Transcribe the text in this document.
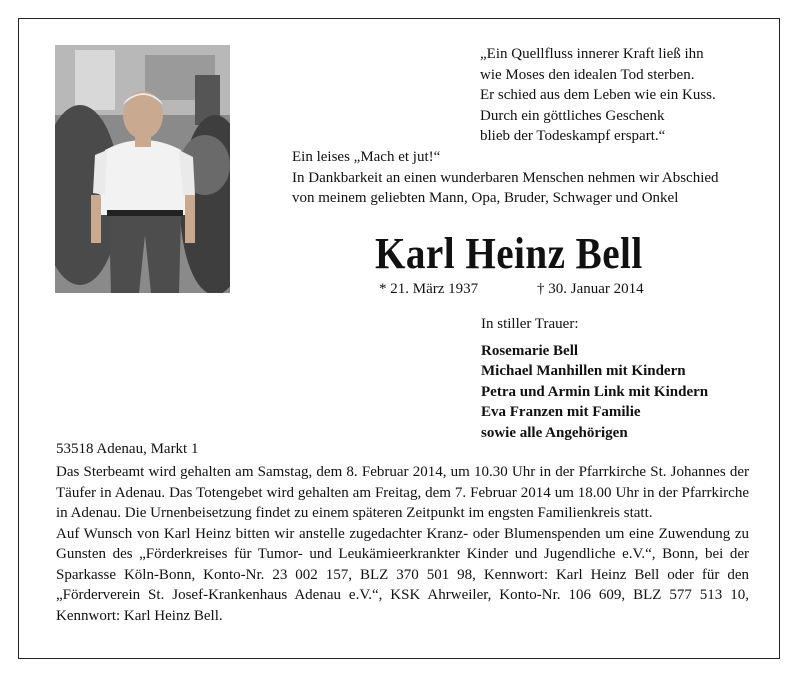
„Ein Quellfluss innerer Kraft ließ ihn
wie Moses den idealen Tod sterben.
Er schied aus dem Leben wie ein Kuss.
Durch ein göttliches Geschenk
blieb der Todeskampf erspart.“
Ein leises „Mach et jut!“
In Dankbarkeit an einen wunderbaren Menschen nehmen wir Abschied
von meinem geliebten Mann, Opa, Bruder, Schwager und Onkel
Karl Heinz Bell
* 21. März 1937	† 30. Januar 2014
In stiller Trauer:
Rosemarie Bell
Michael Manhillen mit Kindern
Petra und Armin Link mit Kindern
Eva Franzen mit Familie
sowie alle Angehörigen
53518 Adenau, Markt 1

Das Sterbeamt wird gehalten am Samstag, dem 8. Februar 2014, um 10.30 Uhr in der Pfarrkirche St. Johannes der Täufer in Adenau. Das Totengebet wird gehalten am Freitag, dem 7. Februar 2014 um 18.00 Uhr in der Pfarrkirche in Adenau. Die Urnenbeisetzung findet zu einem späteren Zeitpunkt im engsten Familienkreis statt.

Auf Wunsch von Karl Heinz bitten wir anstelle zugedachter Kranz- oder Blumenspenden um eine Zuwendung zu Gunsten des „Förderkreises für Tumor- und Leukämieerkrankter Kinder und Jugendliche e.V.“, Bonn, bei der Sparkasse Köln-Bonn, Konto-Nr. 23 002 157, BLZ 370 501 98, Kennwort: Karl Heinz Bell oder für den „Förderverein St. Josef-Krankenhaus Adenau e.V.“, KSK Ahrweiler, Konto-Nr. 106 609, BLZ 577 513 10, Kennwort: Karl Heinz Bell.
